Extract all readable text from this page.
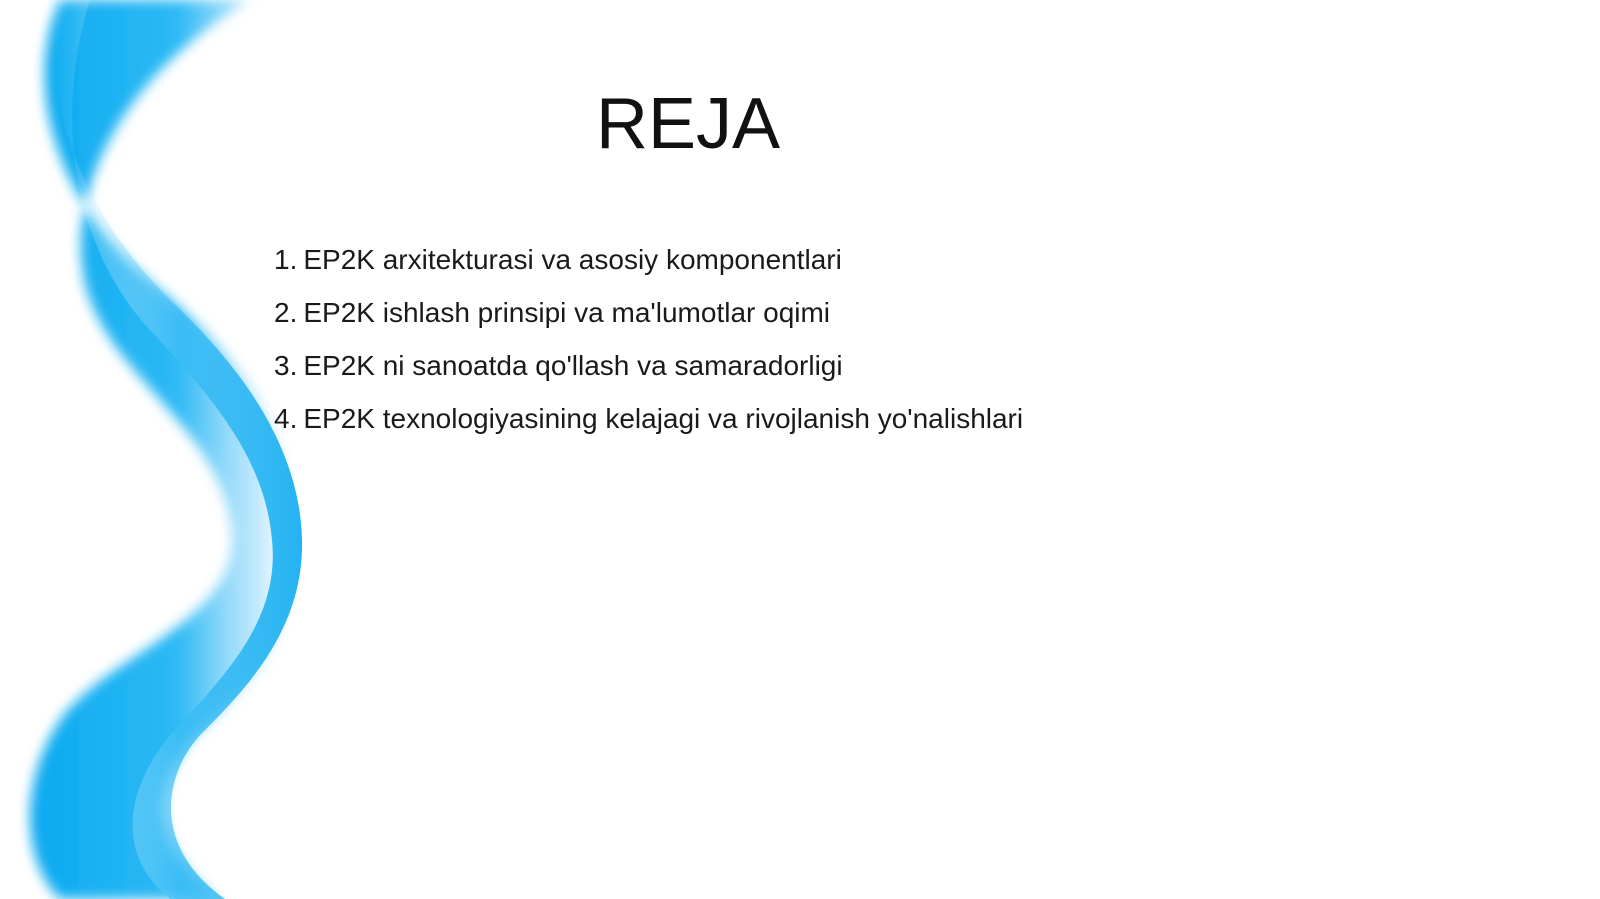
REJA
1. EP2K arxitekturasi va asosiy komponentlari
2. EP2K ishlash prinsipi va ma'lumotlar oqimi
3. EP2K ni sanoatda qo'llash va samaradorligi
4. EP2K texnologiyasining kelajagi va rivojlanish yo'nalishlari
